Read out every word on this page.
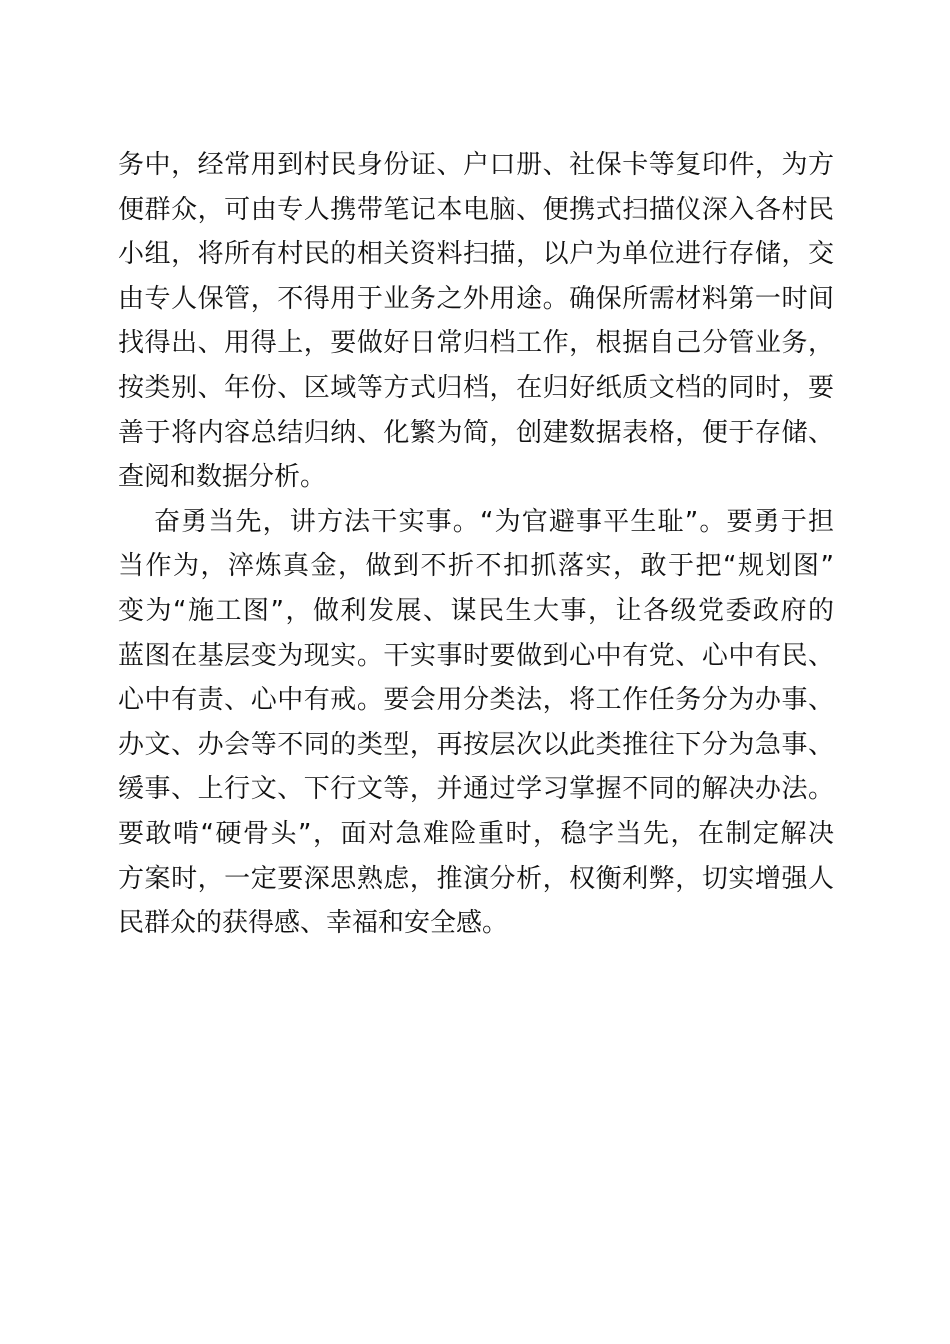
务中，经常用到村民身份证、户口册、社保卡等复印件，为方
便群众，可由专人携带笔记本电脑、便携式扫描仪深入各村民
小组，将所有村民的相关资料扫描，以户为单位进行存储，交
由专人保管，不得用于业务之外用途。确保所需材料第一时间
找得出、用得上，要做好日常归档工作，根据自己分管业务，
按类别、年份、区域等方式归档，在归好纸质文档的同时，要
善于将内容总结归纳、化繁为简，创建数据表格，便于存储、
查阅和数据分析。
奋勇当先，讲方法干实事。“为官避事平生耻”。要勇于担
当作为，淬炼真金，做到不折不扣抓落实，敢于把“规划图”
变为“施工图”，做利发展、谋民生大事，让各级党委政府的
蓝图在基层变为现实。干实事时要做到心中有党、心中有民、
心中有责、心中有戒。要会用分类法，将工作任务分为办事、
办文、办会等不同的类型，再按层次以此类推往下分为急事、
缓事、上行文、下行文等，并通过学习掌握不同的解决办法。
要敢啃“硬骨头”，面对急难险重时，稳字当先，在制定解决
方案时，一定要深思熟虑，推演分析，权衡利弊，切实增强人
民群众的获得感、幸福和安全感。
